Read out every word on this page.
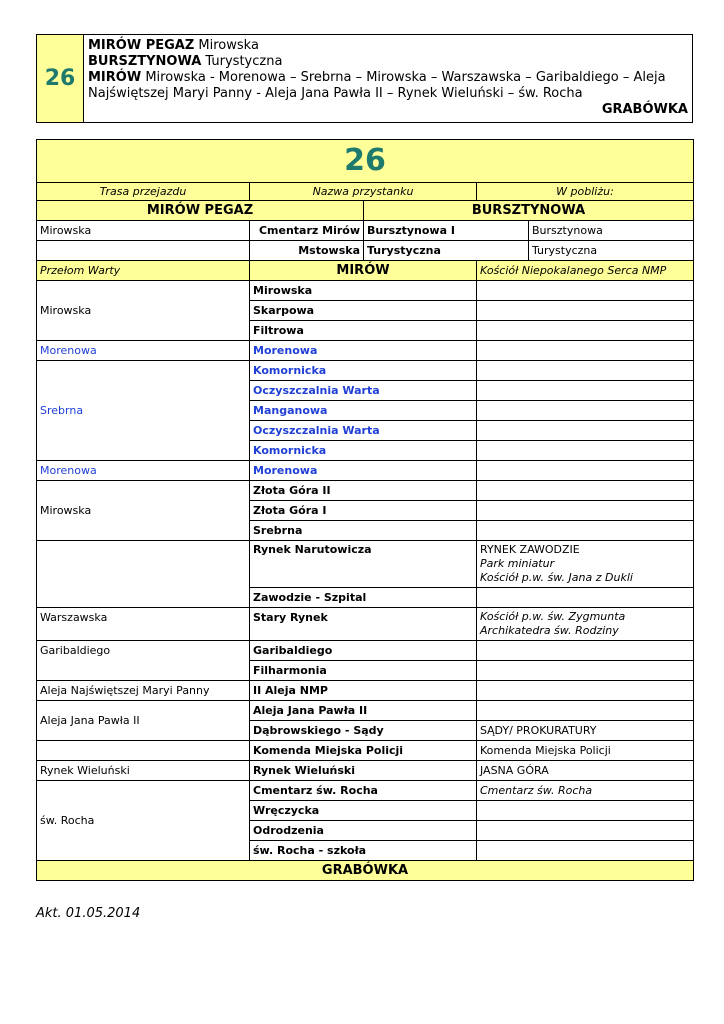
26	
MIRÓW PEGAZ Mirowska
BURSZTYNOWA Turystyczna
MIRÓW Mirowska - Morenowa – Srebrna – Mirowska – Warszawska – Garibaldiego – Aleja Najświętszej Maryi Panny - Aleja Jana Pawła II – Rynek Wieluński – św. Rocha
GRABÓWKA
26				
Trasa przejazdu	Nazwa przystanku		W pobliżu:	
MIRÓW PEGAZ		BURSZTYNOWA		
Mirowska	Cmentarz Mirów	Bursztynowa I		Bursztynowa
	Mstowska	Turystyczna		Turystyczna
Przełom Warty	MIRÓW		Kościół Niepokalanego Serca NMP	
Mirowska	Mirowska			
	Skarpowa			
	Filtrowa			
Morenowa	Morenowa			
Srebrna	Komornicka			
	Oczyszczalnia Warta			
	Manganowa			
	Oczyszczalnia Warta			
	Komornicka			
Morenowa	Morenowa			
Mirowska	Złota Góra II			
	Złota Góra I			
	Srebrna			
	Rynek Narutowicza		RYNEK ZAWODZIE
Park miniatur
Kościół p.w. św. Jana z Dukli	

	Zawodzie - Szpital			
Warszawska	Stary Rynek		Kościół p.w. św. Zygmunta
Archikatedra św. Rodziny	

Garibaldiego	Garibaldiego			
	Filharmonia			
Aleja Najświętszej Maryi Panny	II Aleja NMP			
Aleja Jana Pawła II	Aleja Jana Pawła II			
	Dąbrowskiego - Sądy		SĄDY/ PROKURATURY	
	Komenda Miejska Policji		Komenda Miejska Policji	
Rynek Wieluński	Rynek Wieluński		JASNA GÓRA	
św. Rocha	Cmentarz św. Rocha		Cmentarz św. Rocha	
	Wręczycka			
	Odrodzenia			
	św. Rocha - szkoła			
GRABÓWKA				
Akt. 01.05.2014
